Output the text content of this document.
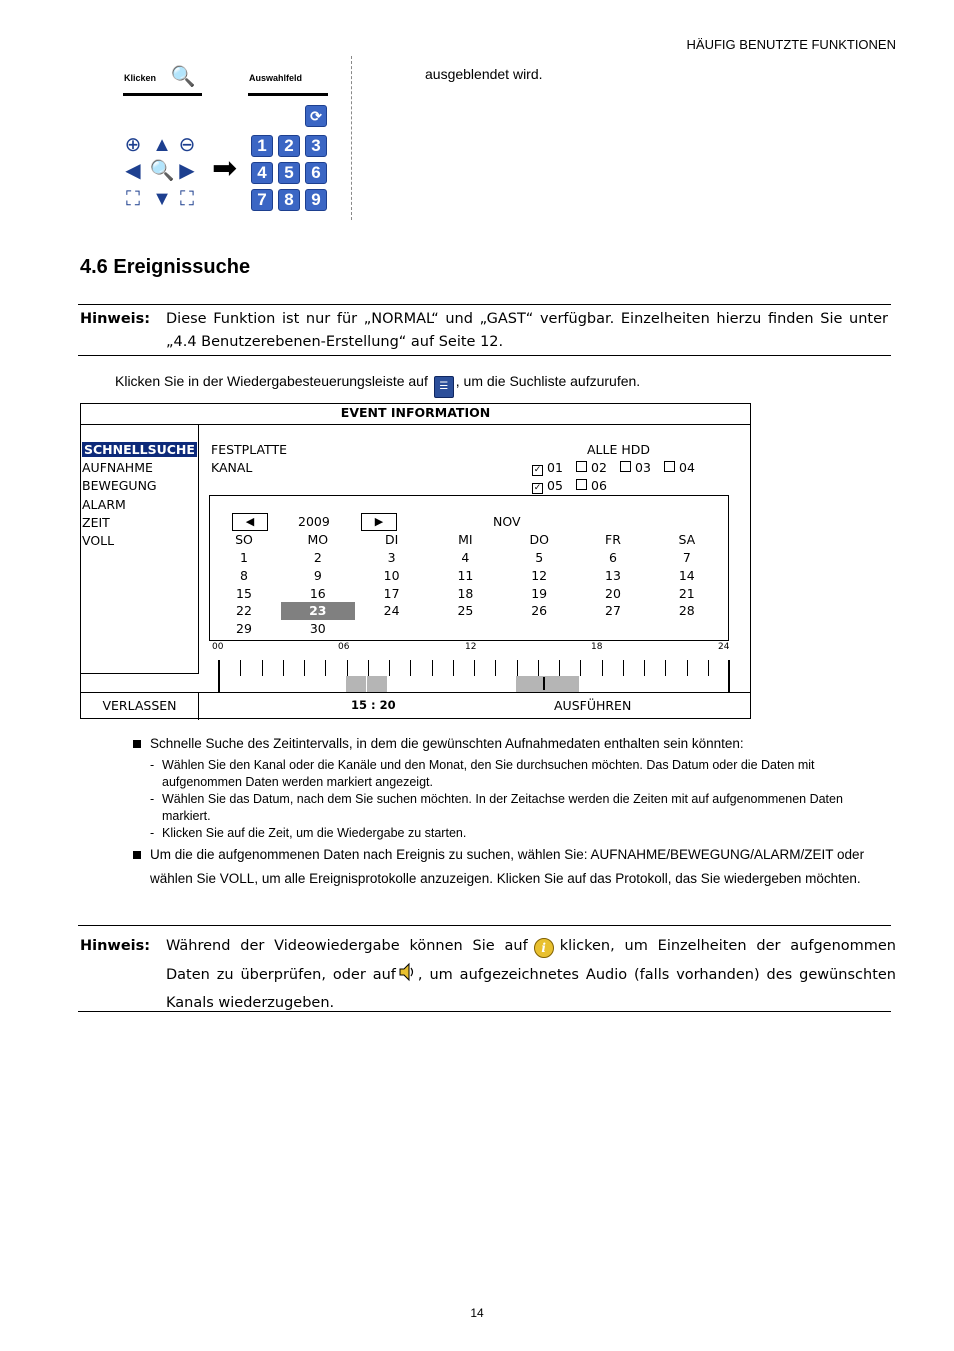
HÄUFIG BENUTZTE FUNKTIONEN
Klicken 🔍	Auswahlfeld
⊕ ▲ ⊖
◀ 🔍 ▶
⛶ ▼ ⛶
➡
⟳
1	2	3
4	5	6
7	8	9
ausgeblendet wird.
4.6 Ereignissuche
Hinweis: Diese Funktion ist nur für „NORMAL“ und „GAST“ verfügbar. Einzelheiten hierzu finden Sie unter „4.4 Benutzerebenen-Erstellung“ auf Seite 12.
Klicken Sie in der Wiedergabesteuerungsleiste auf ☰ , um die Suchliste aufzurufen.
EVENT INFORMATION
SCHNELLSUCHE
AUFNAHME
BEWEGUNG
ALARM
ZEIT
VOLL
FESTPLATTE	ALLE HDD
KANAL	✓ 01	02	03	04
✓ 05	06
◀	2009	▶	NOV
SO	MO	DI	MI	DO	FR	SA
1	2	3	4	5	6	7
8	9	10	11	12	13	14
15	16	17	18	19	20	21
22	23	24	25	26	27	28
29	30
00	06	12	18	24
VERLASSEN	15 : 20	AUSFÜHREN
Schnelle Suche des Zeitintervalls, in dem die gewünschten Aufnahmedaten enthalten sein könnten:
- Wählen Sie den Kanal oder die Kanäle und den Monat, den Sie durchsuchen möchten. Das Datum oder die Daten mit aufgenommen Daten werden markiert angezeigt.
- Wählen Sie das Datum, nach dem Sie suchen möchten. In der Zeitachse werden die Zeiten mit auf aufgenommenen Daten markiert.
- Klicken Sie auf die Zeit, um die Wiedergabe zu starten.
Um die die aufgenommenen Daten nach Ereignis zu suchen, wählen Sie: AUFNAHME/BEWEGUNG/ALARM/ZEIT oder wählen Sie VOLL, um alle Ereignisprotokolle anzuzeigen. Klicken Sie auf das Protokoll, das Sie wiedergeben möchten.
Hinweis: Während der Videowiedergabe können Sie auf i klicken, um Einzelheiten der aufgenommen Daten zu überprüfen, oder auf , um aufgezeichnetes Audio (falls vorhanden) des gewünschten Kanals wiederzugeben.
14
